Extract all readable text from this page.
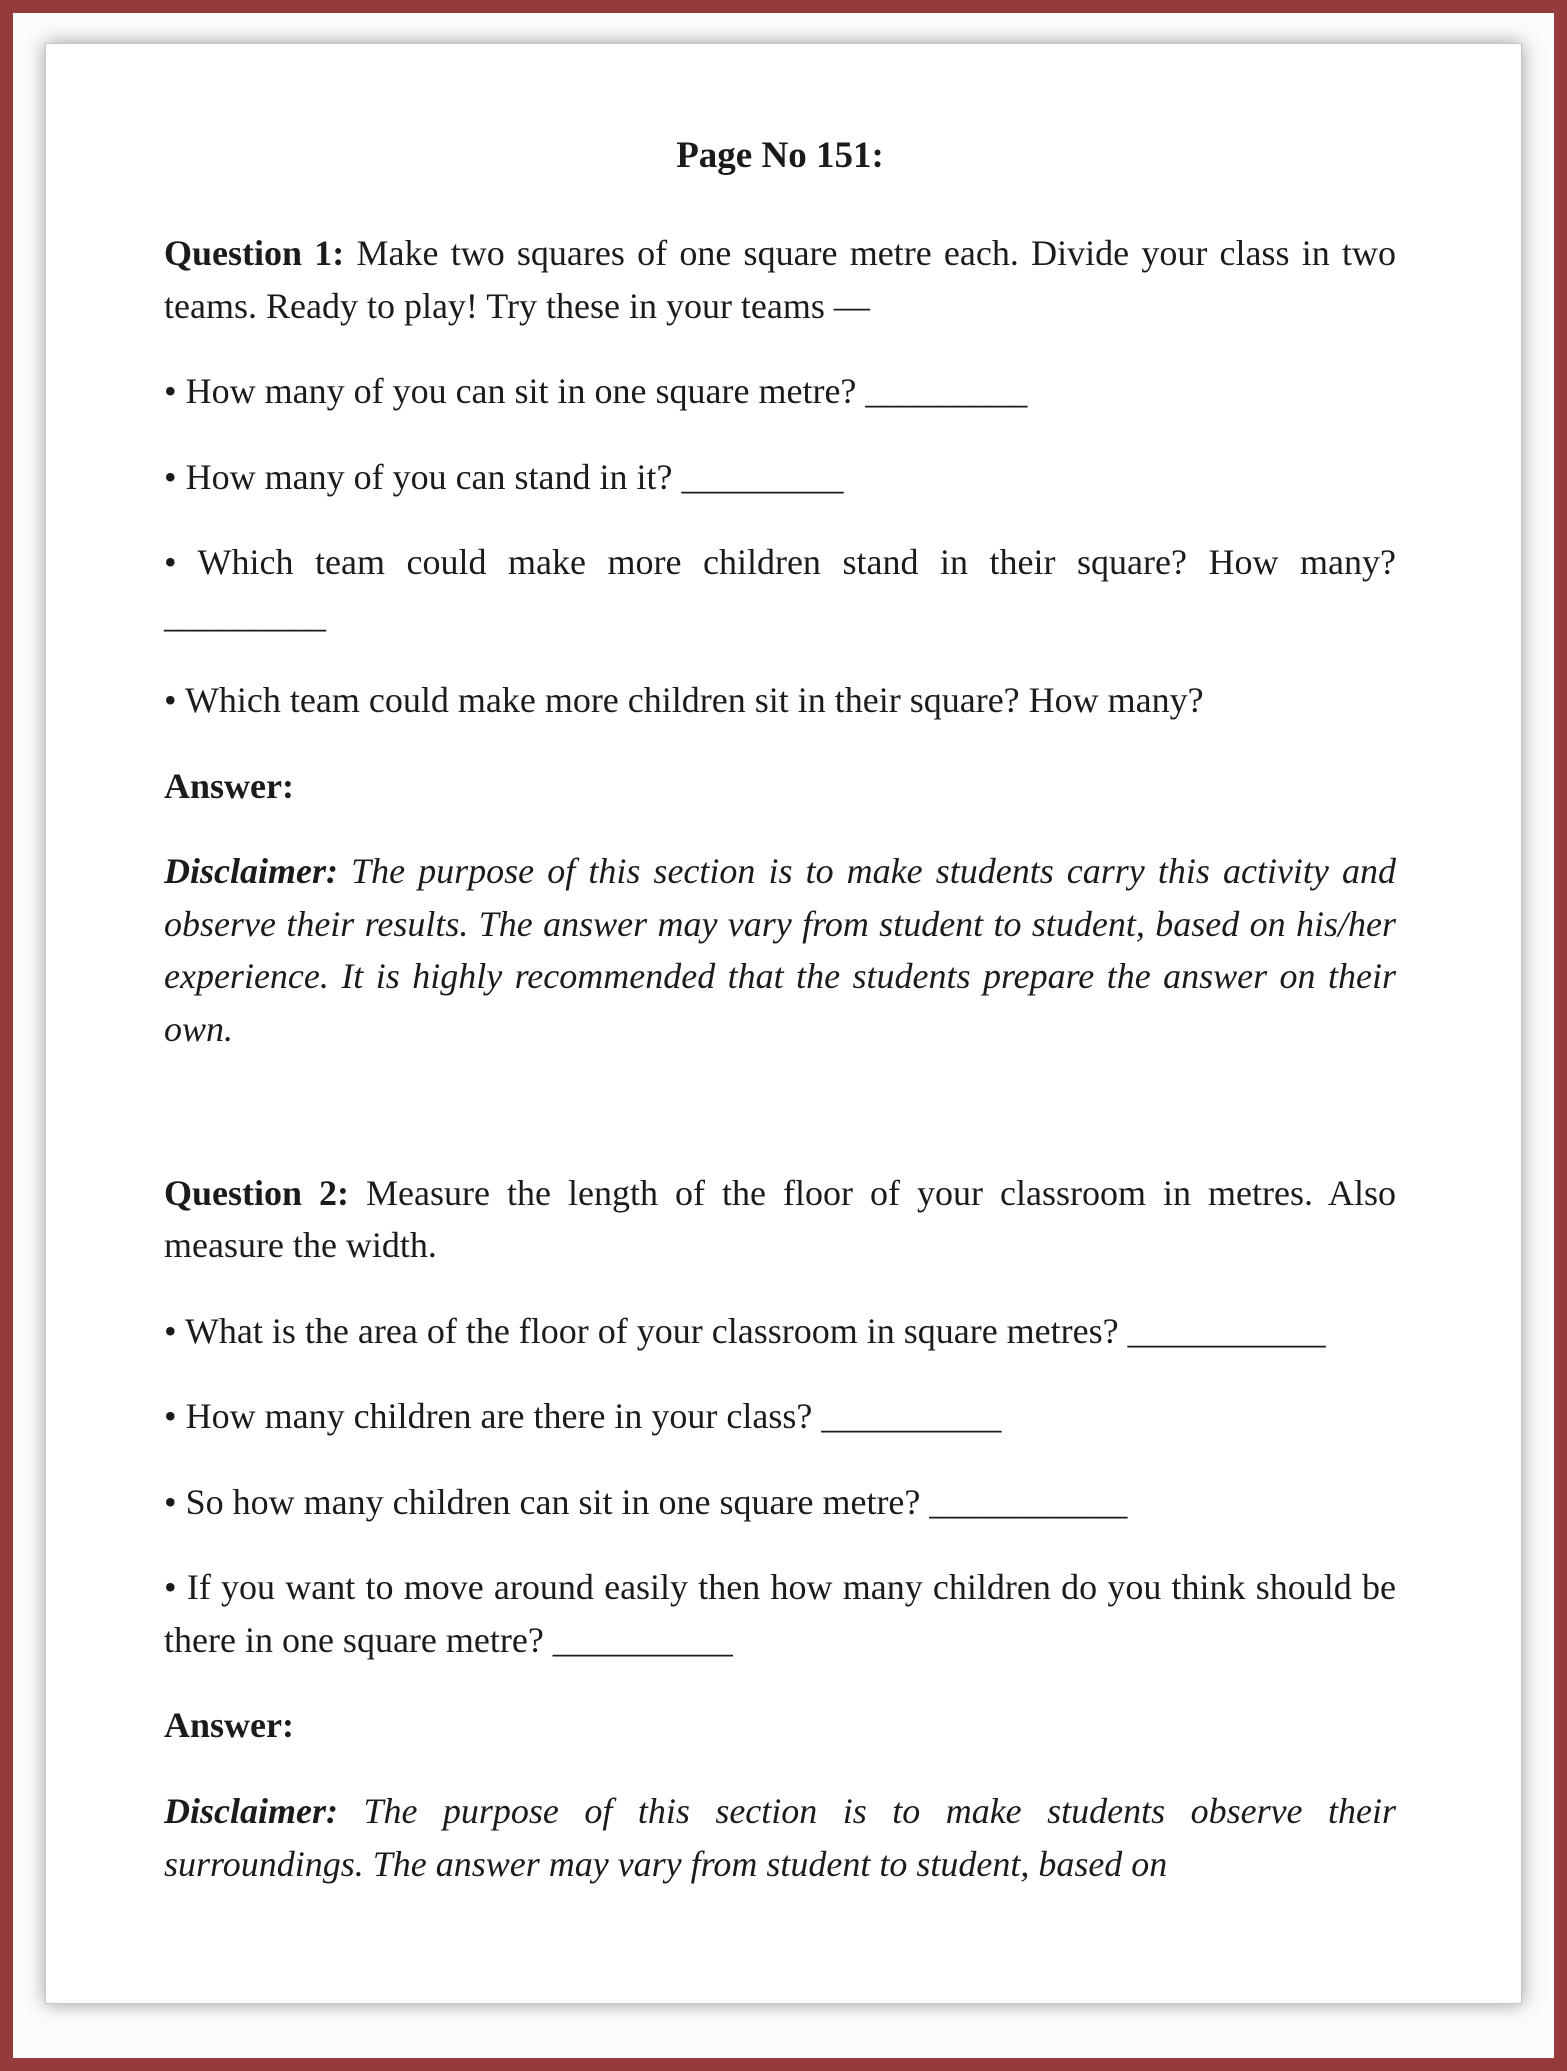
Page No 151:

Question 1: Make two squares of one square metre each. Divide your class in two teams. Ready to play! Try these in your teams —

• How many of you can sit in one square metre? _________

• How many of you can stand in it? _________

• Which team could make more children stand in their square? How many? _________

• Which team could make more children sit in their square? How many?

Answer:

Disclaimer: The purpose of this section is to make students carry this activity and observe their results. The answer may vary from student to student, based on his/her experience. It is highly recommended that the students prepare the answer on their own.

Question 2: Measure the length of the floor of your classroom in metres. Also measure the width.

• What is the area of the floor of your classroom in square metres? ___________

• How many children are there in your class? __________

• So how many children can sit in one square metre? ___________

• If you want to move around easily then how many children do you think should be there in one square metre? __________

Answer:

Disclaimer: The purpose of this section is to make students observe their surroundings. The answer may vary from student to student, based on
